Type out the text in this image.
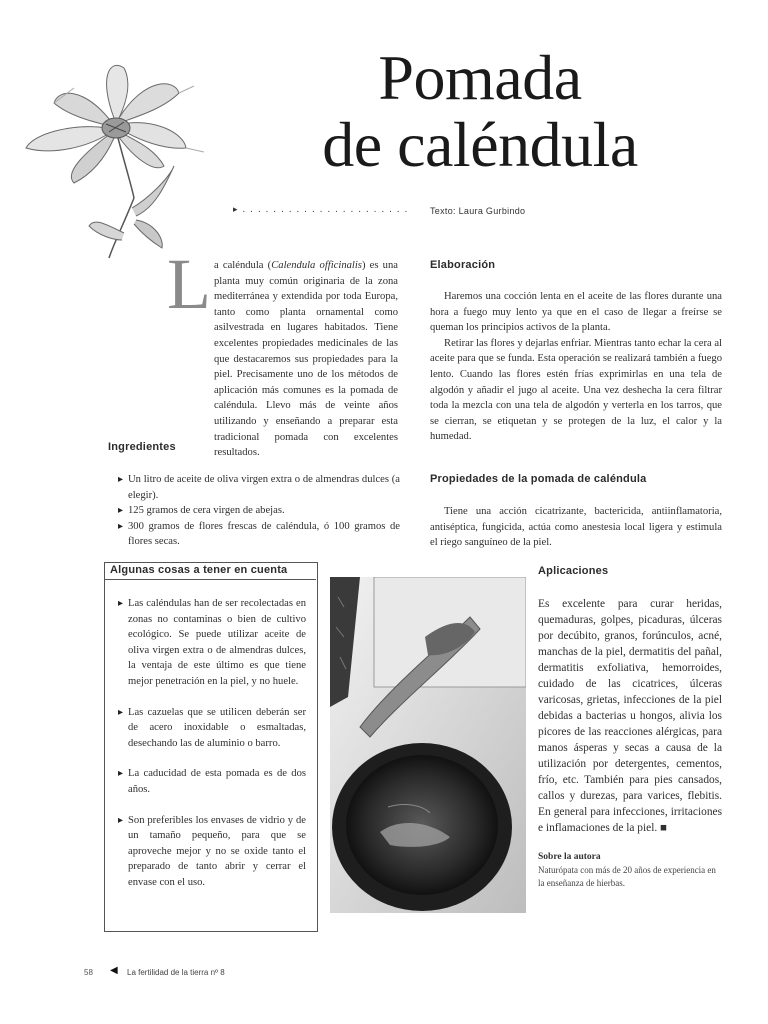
Pomada
de caléndula
▸ . . . . . . . . . . . . . . . . . . . . . . Texto: Laura Gurbindo
L a caléndula (Calendula officinalis) es una planta muy común originaria de la zona mediterránea y extendida por toda Europa, tanto como planta ornamental como asilvestrada en lugares habitados. Tiene excelentes propiedades medicinales de las que destacaremos sus propiedades para la piel. Precisamente uno de los métodos de aplicación más comunes es la pomada de caléndula. Llevo más de veinte años utilizando y enseñando a preparar esta tradicional pomada con excelentes resultados.
Ingredientes
▸ Un litro de aceite de oliva virgen extra o de almendras dulces (a elegir).
▸ 125 gramos de cera virgen de abejas.
▸ 300 gramos de flores frescas de caléndula, ó 100 gramos de flores secas.
Algunas cosas a tener en cuenta
▸ Las caléndulas han de ser recolectadas en zonas no contaminas o bien de cultivo ecológico. Se puede utilizar aceite de oliva virgen extra o de almendras dulces, la ventaja de este último es que tiene mejor penetración en la piel, y no huele.
▸ Las cazuelas que se utilicen deberán ser de acero inoxidable o esmaltadas, desechando las de aluminio o barro.
▸ La caducidad de esta pomada es de dos años.
▸ Son preferibles los envases de vidrio y de un tamaño pequeño, para que se aproveche mejor y no se oxide tanto el preparado de tanto abrir y cerrar el envase con el uso.
Elaboración

Haremos una cocción lenta en el aceite de las flores durante una hora a fuego muy lento ya que en el caso de llegar a freírse se queman los principios activos de la planta.

Retirar las flores y dejarlas enfriar. Mientras tanto echar la cera al aceite para que se funda. Esta operación se realizará también a fuego lento. Cuando las flores estén frías exprimirlas en una tela de algodón y añadir el jugo al aceite. Una vez deshecha la cera filtrar toda la mezcla con una tela de algodón y verterla en los tarros, que se cierran, se etiquetan y se protegen de la luz, el calor y la humedad.

Propiedades de la pomada de caléndula
Tiene una acción cicatrizante, bactericida, antiinflamatoria, antiséptica, fungicida, actúa como anestesia local ligera y estimula el riego sanguíneo de la piel.
Aplicaciones
Es excelente para curar heridas, quemaduras, golpes, picaduras, úlceras por decúbito, granos, forúnculos, acné, manchas de la piel, dermatitis del pañal, dermatitis exfoliativa, hemorroides, cuidado de las cicatrices, úlceras varicosas, grietas, infecciones de la piel debidas a bacterias u hongos, alivia los picores de las reacciones alérgicas, para manos ásperas y secas a causa de la utilización por detergentes, cementos, frío, etc. También para pies cansados, callos y durezas, para varices, flebitis. En general para infecciones, irritaciones e inflamaciones de la piel. ■
Sobre la autora
Naturópata con más de 20 años de experiencia en la enseñanza de hierbas.
58 ◀ La fertilidad de la tierra nº 8
